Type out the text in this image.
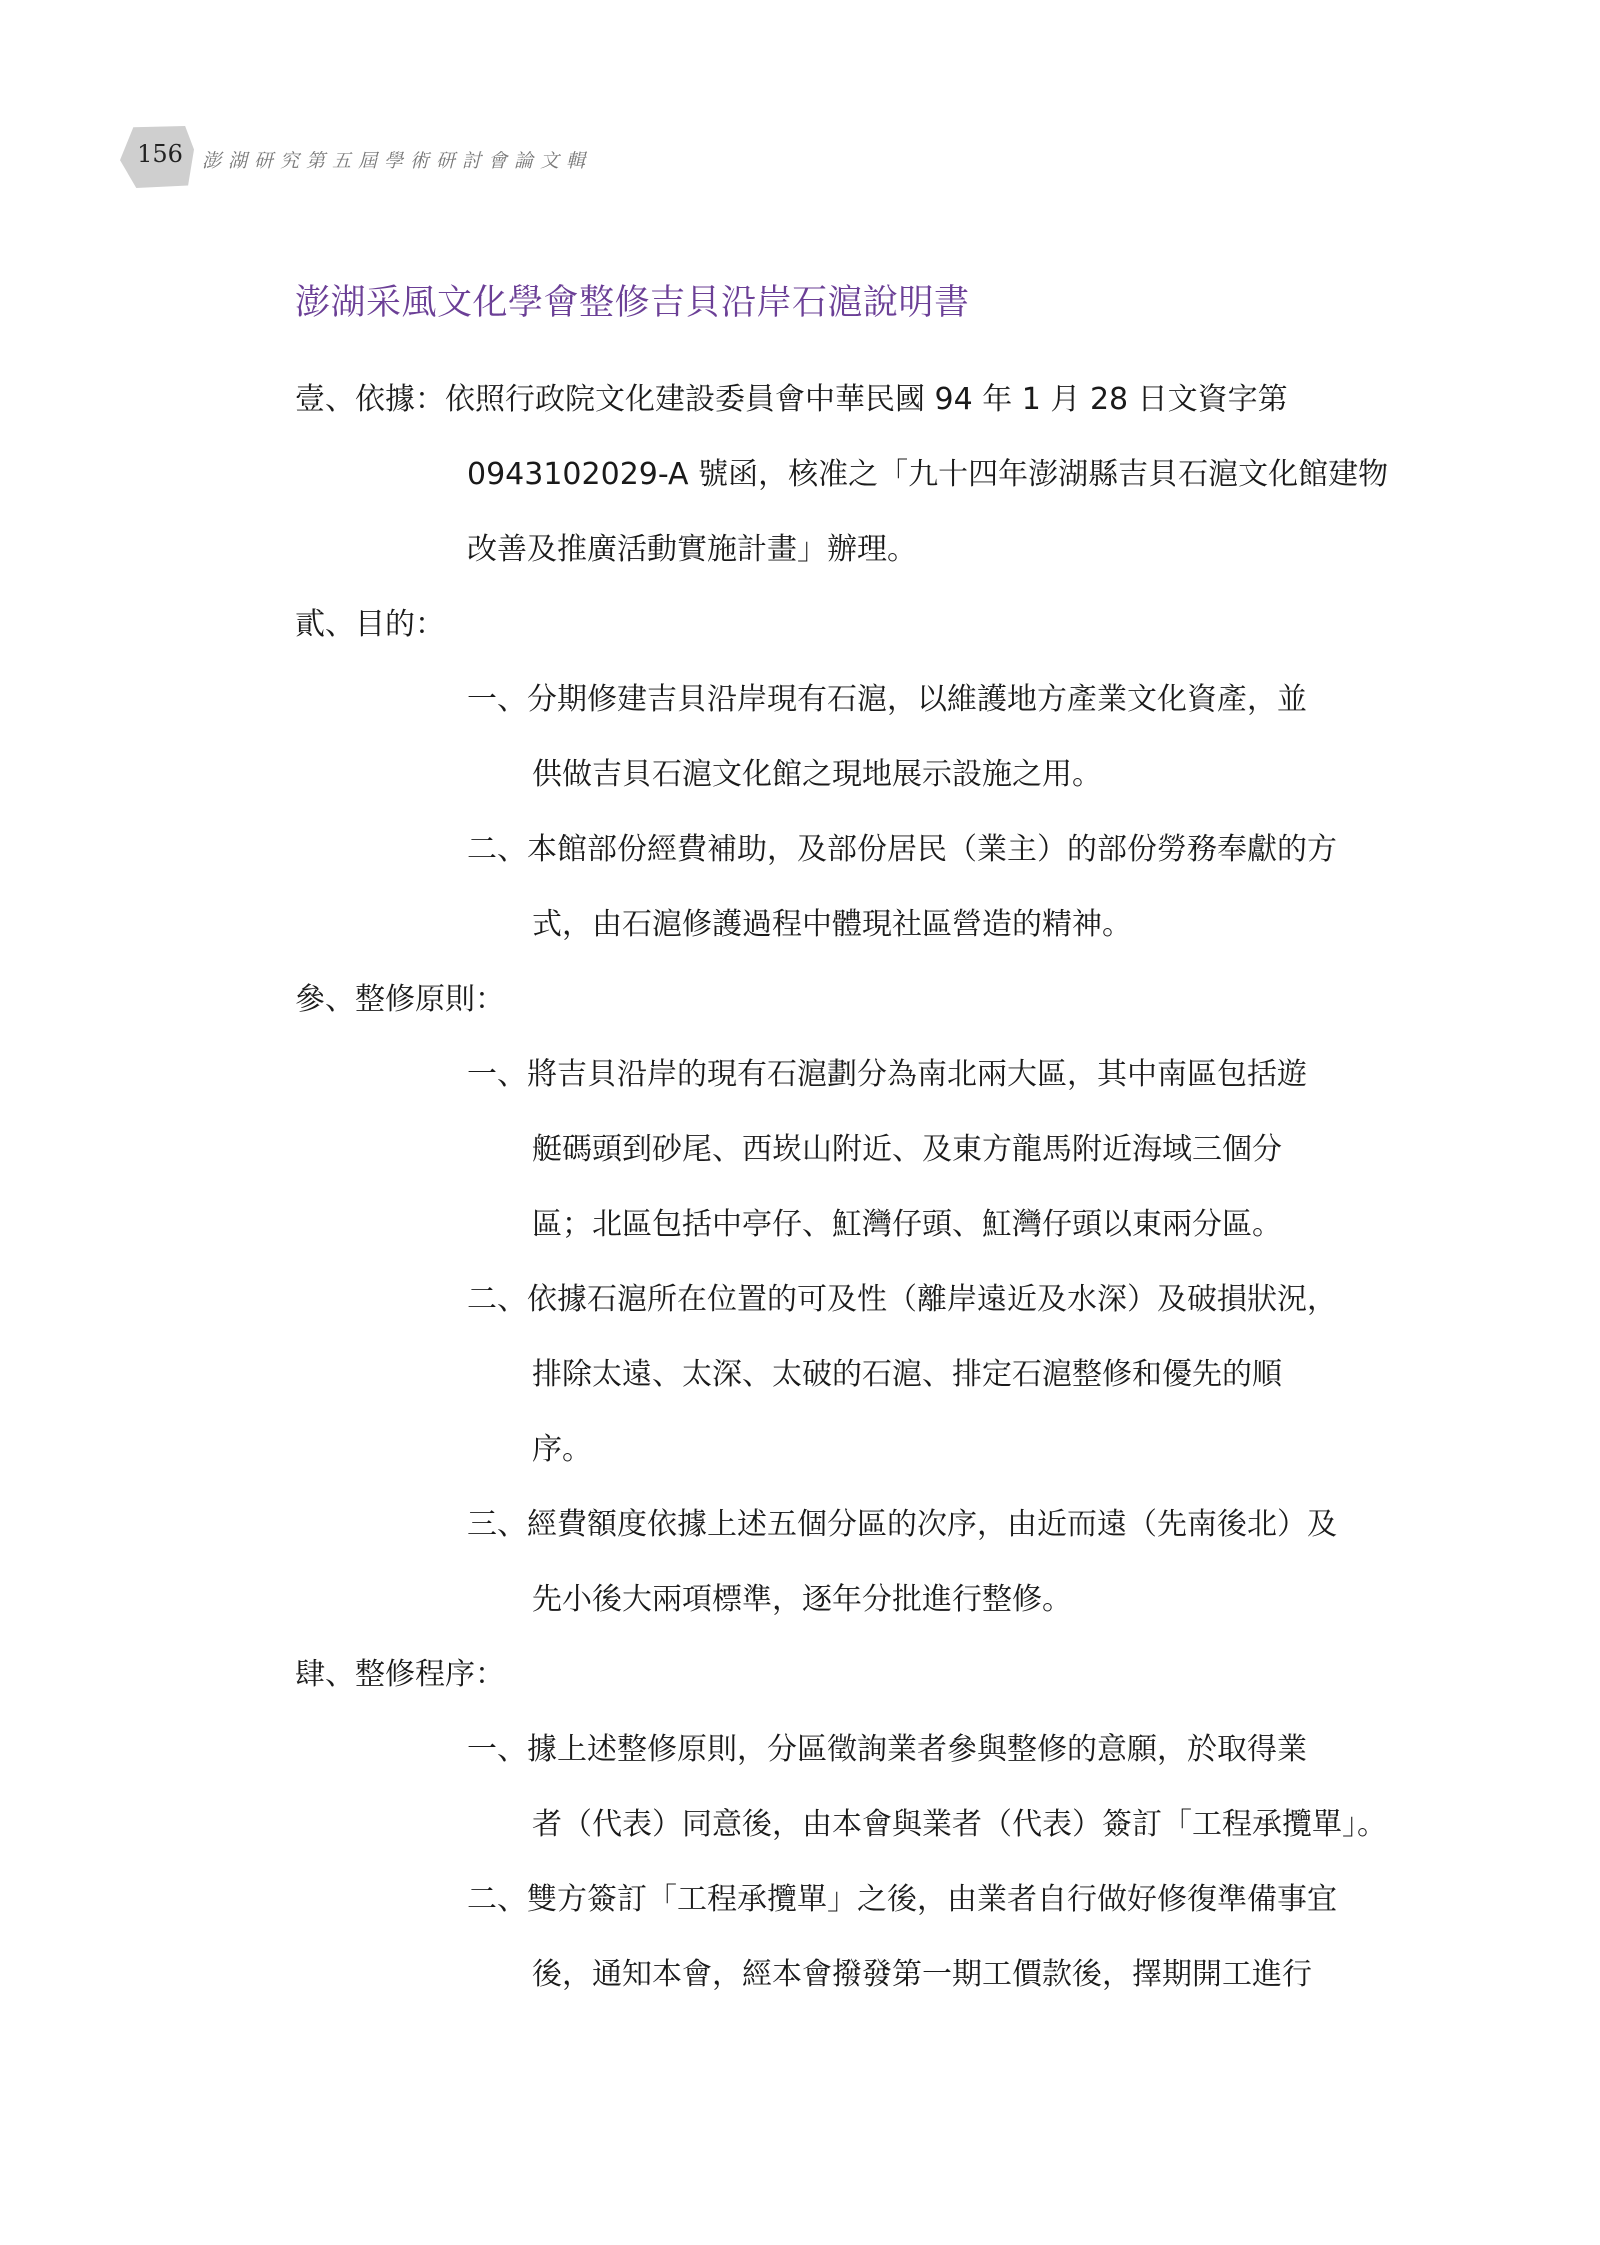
156 澎湖研究第五屆學術研討會論文輯
澎湖采風文化學會整修吉貝沿岸石滬說明書
壹、依據：依照行政院文化建設委員會中華民國 94 年 1 月 28 日文資字第
0943102029-A 號函，核准之「九十四年澎湖縣吉貝石滬文化館建物
改善及推廣活動實施計畫」辦理。
貳、目的：
一、分期修建吉貝沿岸現有石滬，以維護地方產業文化資產，並
供做吉貝石滬文化館之現地展示設施之用。
二、本館部份經費補助，及部份居民（業主）的部份勞務奉獻的方
式，由石滬修護過程中體現社區營造的精神。
參、整修原則：
一、將吉貝沿岸的現有石滬劃分為南北兩大區，其中南區包括遊
艇碼頭到砂尾、西崁山附近、及東方龍馬附近海域三個分
區；北區包括中亭仔、魟灣仔頭、魟灣仔頭以東兩分區。
二、依據石滬所在位置的可及性（離岸遠近及水深）及破損狀況，
排除太遠、太深、太破的石滬、排定石滬整修和優先的順
序。
三、經費額度依據上述五個分區的次序，由近而遠（先南後北）及
先小後大兩項標準，逐年分批進行整修。
肆、整修程序：
一、據上述整修原則，分區徵詢業者參與整修的意願，於取得業
者（代表）同意後，由本會與業者（代表）簽訂「工程承攬單」。
二、雙方簽訂「工程承攬單」之後，由業者自行做好修復準備事宜
後，通知本會，經本會撥發第一期工價款後，擇期開工進行
